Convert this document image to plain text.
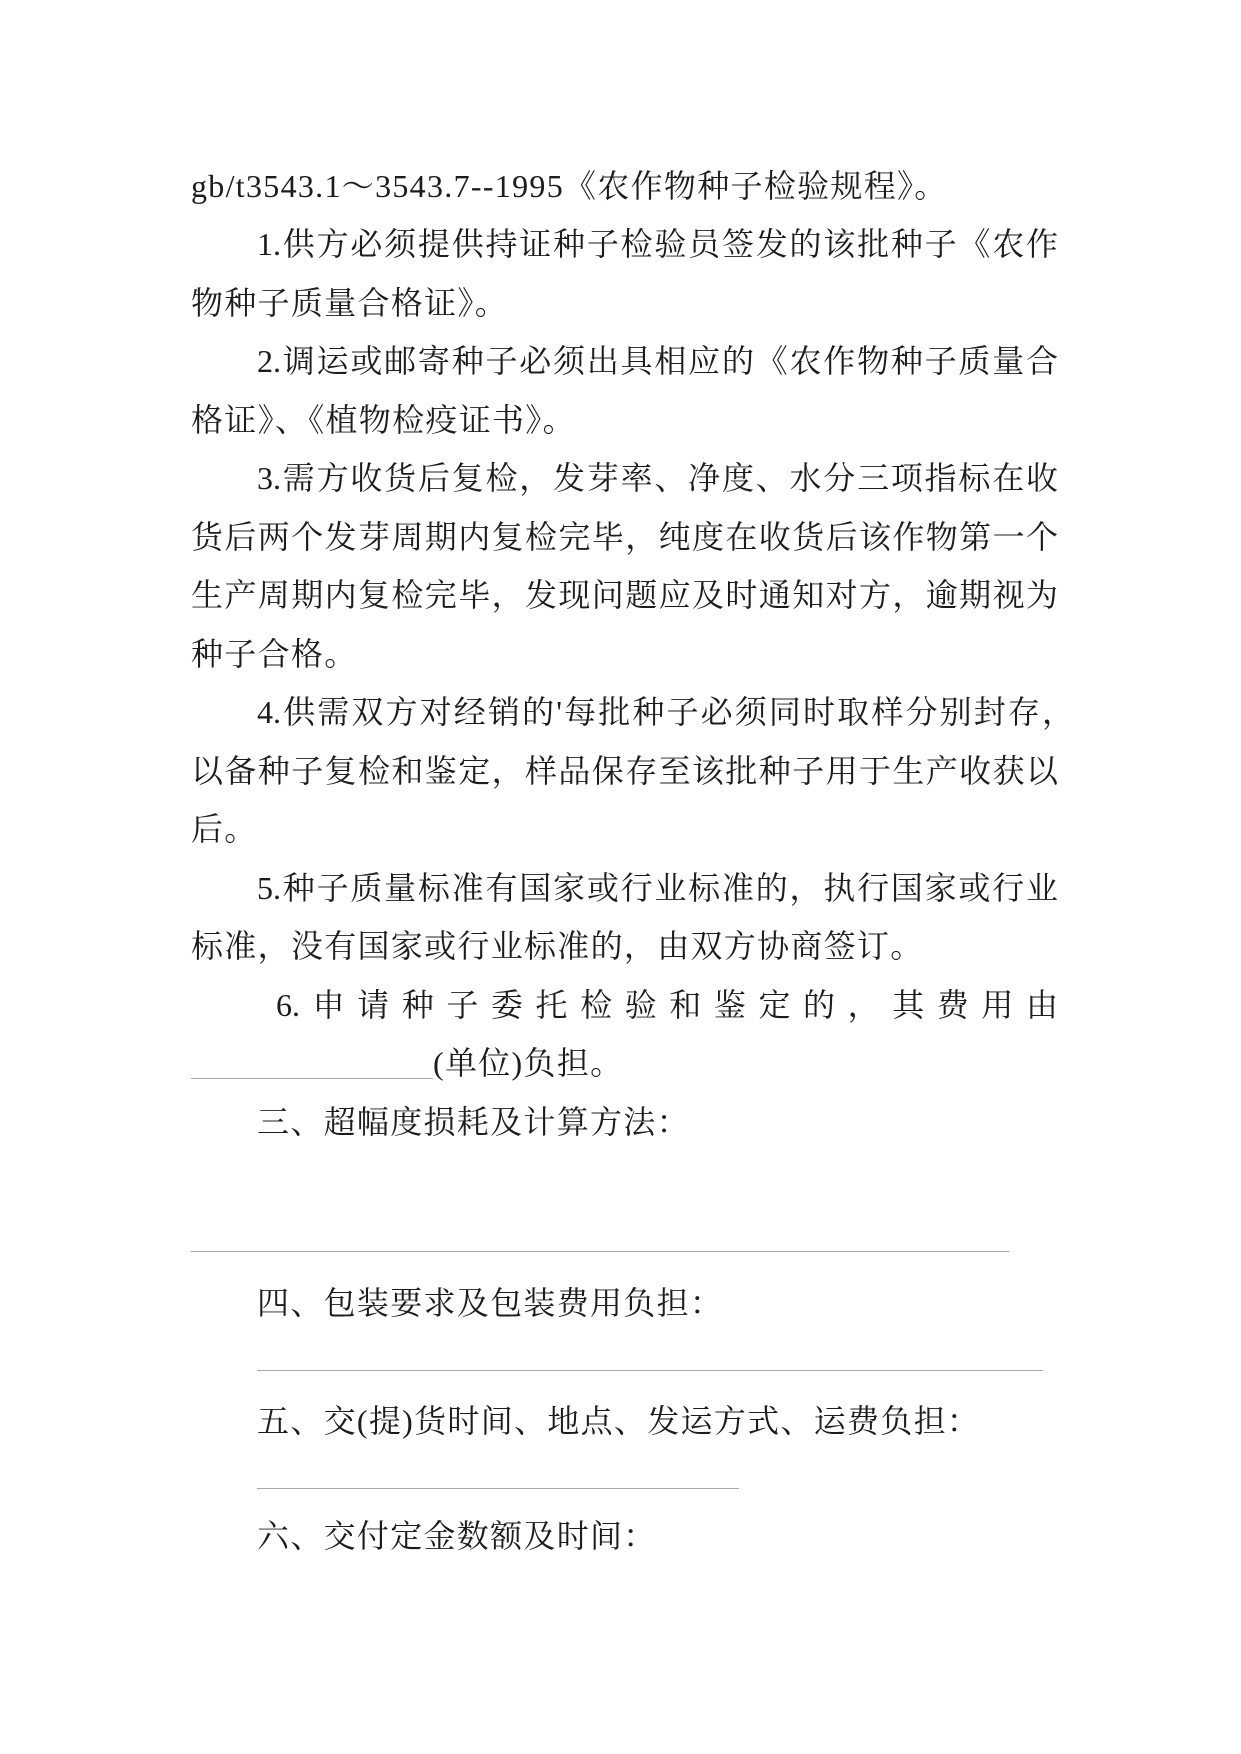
gb/t3543.1～3543.7--1995《农作物种子检验规程》。
1.供方必须提供持证种子检验员签发的该批种子《农作
物种子质量合格证》。
2.调运或邮寄种子必须出具相应的《农作物种子质量合
格证》、《植物检疫证书》。
3.需方收货后复检，发芽率、净度、水分三项指标在收
货后两个发芽周期内复检完毕，纯度在收货后该作物第一个
生产周期内复检完毕，发现问题应及时通知对方，逾期视为
种子合格。
4.供需双方对经销的'每批种子必须同时取样分别封存，
以备种子复检和鉴定，样品保存至该批种子用于生产收获以
后。
5.种子质量标准有国家或行业标准的，执行国家或行业
标准，没有国家或行业标准的，由双方协商签订。
6.申请种子委托检验和鉴定的，其费用由
(单位)负担。
三、超幅度损耗及计算方法：
四、包装要求及包装费用负担：
五、交(提)货时间、地点、发运方式、运费负担：
六、交付定金数额及时间：
